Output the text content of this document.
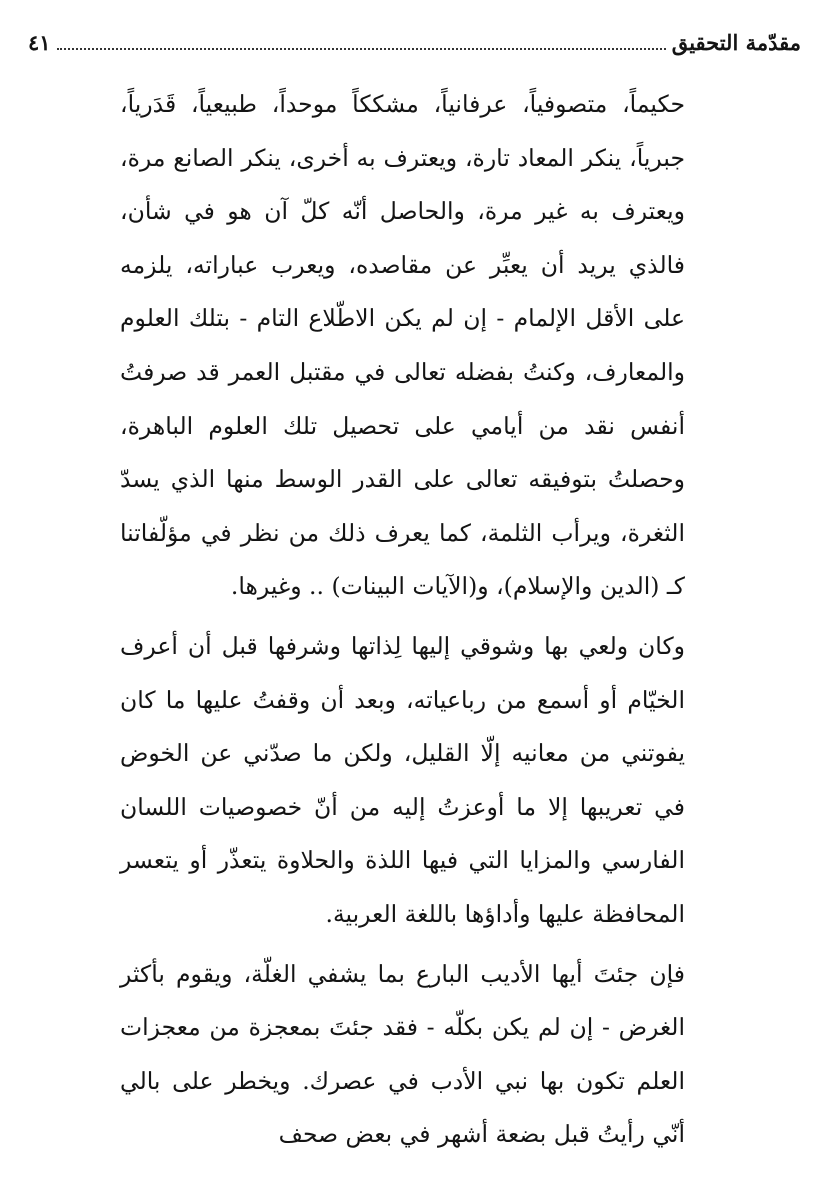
مقدّمة التحقيق
٤١

حكيماً، متصوفياً، عرفانياً، مشككاً موحداً، طبيعياً، قَدَرياً، جبرياً، ينكر المعاد تارة، ويعترف به أخرى، ينكر الصانع مرة، ويعترف به غير مرة، والحاصل أنّه كلّ آن هو في شأن، فالذي يريد أن يعبِّر عن مقاصده، ويعرب عباراته، يلزمه على الأقل الإلمام - إن لم يكن الاطّلاع التام - بتلك العلوم والمعارف، وكنتُ بفضله تعالى في مقتبل العمر قد صرفتُ أنفس نقد من أيامي على تحصيل تلك العلوم الباهرة، وحصلتُ بتوفيقه تعالى على القدر الوسط منها الذي يسدّ الثغرة، ويرأب الثلمة، كما يعرف ذلك من نظر في مؤلّفاتنا كـ (الدين والإسلام)، و(الآيات البينات) .. وغيرها.

وكان ولعي بها وشوقي إليها لِذاتها وشرفها قبل أن أعرف الخيّام أو أسمع من رباعياته، وبعد أن وقفتُ عليها ما كان يفوتني من معانيه إلّا القليل، ولكن ما صدّني عن الخوض في تعريبها إلا ما أوعزتُ إليه من أنّ خصوصيات اللسان الفارسي والمزايا التي فيها اللذة والحلاوة يتعذّر أو يتعسر المحافظة عليها وأداؤها باللغة العربية.

فإن جئتَ أيها الأديب البارع بما يشفي الغلّة، ويقوم بأكثر الغرض - إن لم يكن بكلّه - فقد جئتَ بمعجزة من معجزات العلم تكون بها نبي الأدب في عصرك. ويخطر على بالي أنّي رأيتُ قبل بضعة أشهر في بعض صحف
